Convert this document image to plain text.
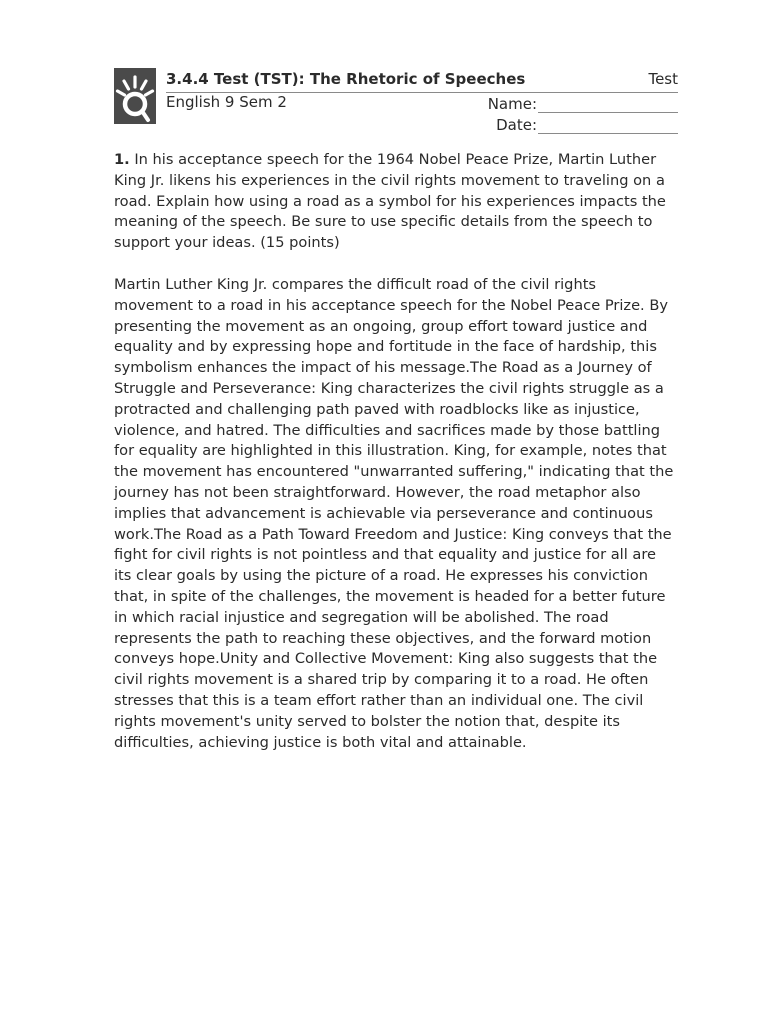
3.4.4 Test (TST): The Rhetoric of Speeches	Test
English 9 Sem 2	Name:
Date:
1. In his acceptance speech for the 1964 Nobel Peace Prize, Martin Luther King Jr. likens his experiences in the civil rights movement to traveling on a road. Explain how using a road as a symbol for his experiences impacts the meaning of the speech. Be sure to use specific details from the speech to support your ideas. (15 points)
Martin Luther King Jr. compares the difficult road of the civil rights movement to a road in his acceptance speech for the Nobel Peace Prize. By presenting the movement as an ongoing, group effort toward justice and equality and by expressing hope and fortitude in the face of hardship, this symbolism enhances the impact of his message.The Road as a Journey of Struggle and Perseverance: King characterizes the civil rights struggle as a protracted and challenging path paved with roadblocks like as injustice, violence, and hatred. The difficulties and sacrifices made by those battling for equality are highlighted in this illustration. King, for example, notes that the movement has encountered "unwarranted suffering," indicating that the journey has not been straightforward. However, the road metaphor also implies that advancement is achievable via perseverance and continuous work.The Road as a Path Toward Freedom and Justice: King conveys that the fight for civil rights is not pointless and that equality and justice for all are its clear goals by using the picture of a road. He expresses his conviction that, in spite of the challenges, the movement is headed for a better future in which racial injustice and segregation will be abolished. The road represents the path to reaching these objectives, and the forward motion conveys hope.Unity and Collective Movement: King also suggests that the civil rights movement is a shared trip by comparing it to a road. He often stresses that this is a team effort rather than an individual one. The civil rights movement's unity served to bolster the notion that, despite its difficulties, achieving justice is both vital and attainable.
